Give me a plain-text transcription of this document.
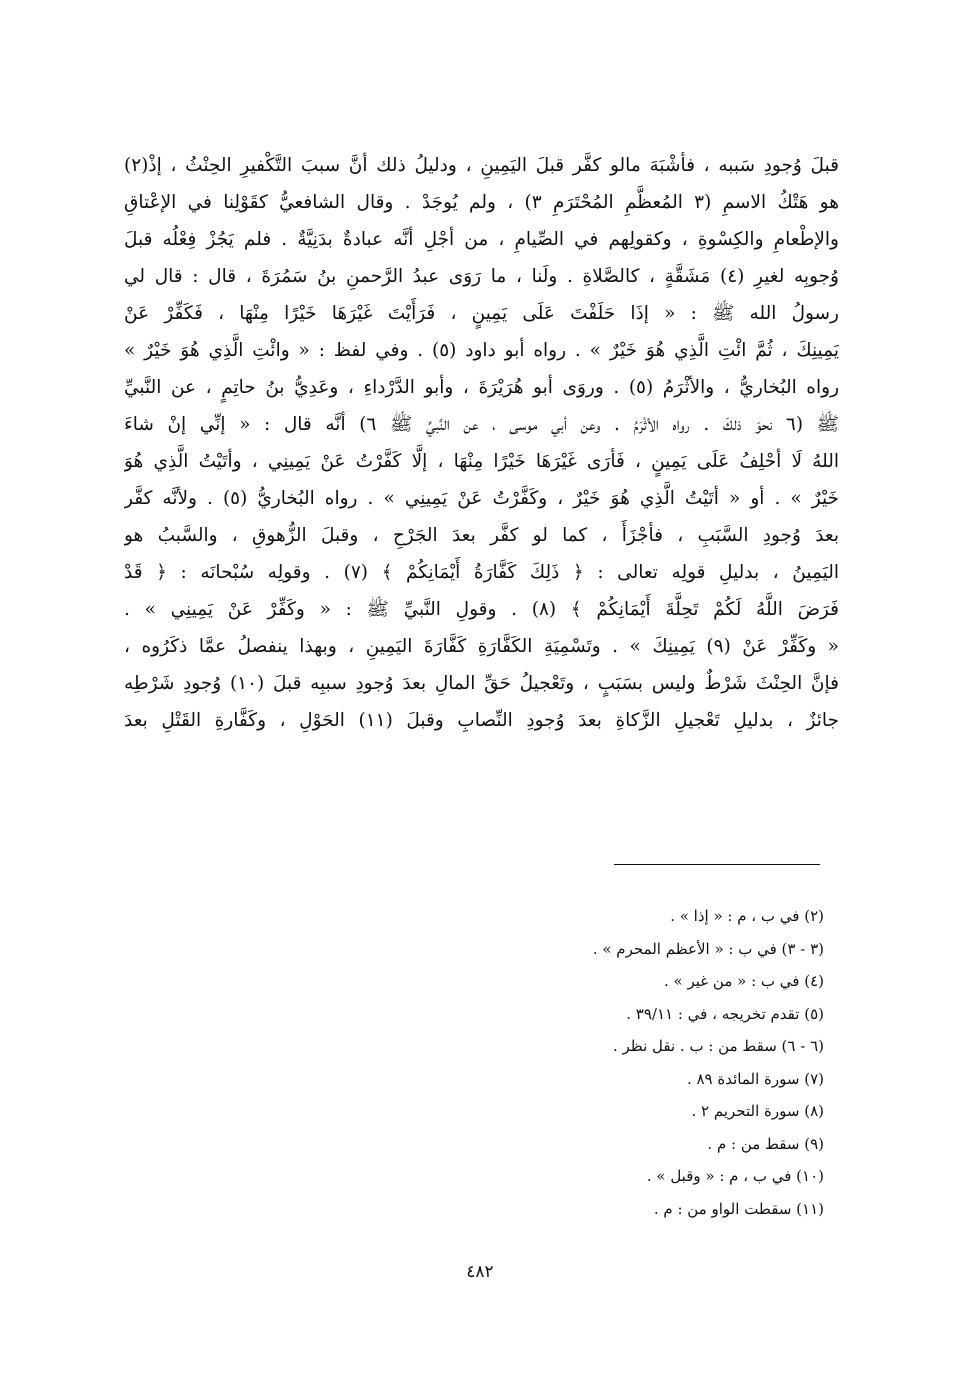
قبلَ وُجودِ سَببه ، فأشْبَهَ مالو كفَّر قبلَ اليَمِينِ ، ودليلُ ذلك أنَّ سببَ التَّكْفيرِ الحِنْثُ ، إذْ(٢)
هو هَتْكُ الاسمِ (٣ المُعظَّمِ المُحْتَرَمِ ٣) ، ولم يُوجَدْ . وقال الشافعيُّ كقَوْلِنا في الإعْتاقِ
والإطْعامِ والكِسْوةِ ، وكقولِهم في الصِّيامِ ، من أجْلِ أنَّه عبادةٌ بدَنِيَّةٌ . فلم يَجُزْ فِعْلُه قبلَ
وُجوبِه لغيرِ (٤) مَشَقَّةٍ ، كالصَّلاةِ . ولَنا ، ما رَوَى عبدُ الرَّحمنِ بنُ سَمُرَةَ ، قال : قال لي
رسولُ الله ﷺ : « إذَا حَلَفْتَ عَلَى يَمِينٍ ، فَرَأَيْتَ غَيْرَهَا خَيْرًا مِنْهَا ، فَكَفِّرْ عَنْ
يَمِينِكَ ، ثُمَّ ائْتِ الَّذِي هُوَ خَيْرٌ » . رواه أبو داود (٥) . وفي لفظ : « وائْتِ الَّذِي هُوَ خَيْرٌ »
رواه البُخاريُّ ، والأثْرَمُ (٥) . وروَى أبو هُرَيْرَةَ ، وأبو الدَّرْداءِ ، وعَدِيُّ بنُ حاتِمٍ ، عن النَّبيِّ
ﷺ (٦ نحوَ ذلكَ . رواه الأثْرَمُ . وعن أبي موسى ، عن النَّبيِّ ﷺ ٦) أنَّه قال : « إنِّي إنْ شاءَ
اللهُ لَا أحْلِفُ عَلَى يَمِينٍ ، فَأرَى غَيْرَهَا خَيْرًا مِنْهَا ، إلَّا كَفَّرْتُ عَنْ يَمِينِي ، وأتَيْتُ الَّذِي هُوَ
خَيْرٌ » . أو « أتَيْتُ الَّذِي هُوَ خَيْرٌ ، وكَفَّرْتُ عَنْ يَمِينِي » . رواه البُخاريُّ (٥) . ولأنَّه كفَّر
بعدَ وُجودِ السَّبَبِ ، فأجْزَأَ ، كما لو كفَّر بعدَ الجَرْحِ ، وقبلَ الزُّهوقِ ، والسَّببُ هو
اليَمِينُ ، بدليلِ قولِه تعالى : ﴿ ذَلِكَ كَفَّارَةُ أَيْمَانِكُمْ ﴾ (٧) . وقولِه سُبْحانَه : ﴿ قَدْ
فَرَضَ اللَّهُ لَكُمْ تَحِلَّةَ أَيْمَانِكُمْ ﴾ (٨) . وقولِ النَّبيِّ ﷺ : « وكَفِّرْ عَنْ يَمِينِي » .
« وكَفِّرْ عَنْ (٩) يَمِينِكَ » . وتَسْمِيَةِ الكَفَّارَةِ كَفَّارَةَ اليَمِينِ ، وبهذا ينفصلُ عمَّا ذكَرُوه ،
فإنَّ الحِنْثَ شَرْطٌ وليس بسَبَبٍ ، وتَعْجيلُ حَقِّ المالِ بعدَ وُجودِ سببِه قبلَ (١٠) وُجودِ شَرْطِه
جائزٌ ، بدليلِ تَعْجيلِ الزَّكاةِ بعدَ وُجودِ النِّصابِ وقبلَ (١١) الحَوْلِ ، وكَفَّارةِ القَتْلِ بعدَ
(٢) في ب ، م : « إذا » .
(٣ - ٣) في ب : « الأعظم المحرم » .
(٤) في ب : « من غير » .
(٥) تقدم تخريجه ، في : ٣٩/١١ .
(٦ - ٦) سقط من : ب . نقل نظر .
(٧) سورة المائدة ٨٩ .
(٨) سورة التحريم ٢ .
(٩) سقط من : م .
(١٠) في ب ، م : « وقبل » .
(١١) سقطت الواو من : م .
٤٨٢
